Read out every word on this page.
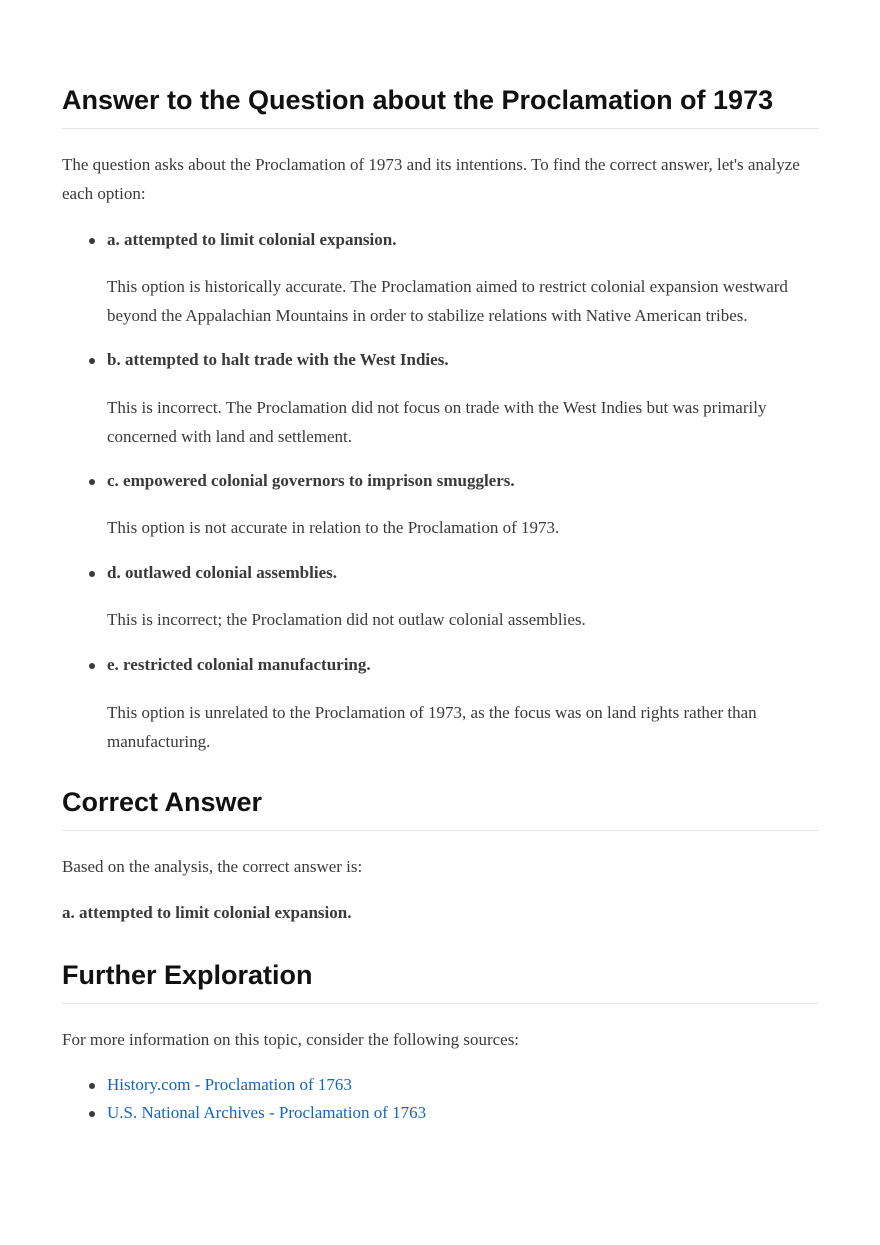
Answer to the Question about the Proclamation of 1973

The question asks about the Proclamation of 1973 and its intentions. To find the correct answer, let's analyze each option:

a. attempted to limit colonial expansion.
This option is historically accurate. The Proclamation aimed to restrict colonial expansion westward beyond the Appalachian Mountains in order to stabilize relations with Native American tribes.
b. attempted to halt trade with the West Indies.
This is incorrect. The Proclamation did not focus on trade with the West Indies but was primarily concerned with land and settlement.
c. empowered colonial governors to imprison smugglers.
This option is not accurate in relation to the Proclamation of 1973.
d. outlawed colonial assemblies.
This is incorrect; the Proclamation did not outlaw colonial assemblies.
e. restricted colonial manufacturing.
This option is unrelated to the Proclamation of 1973, as the focus was on land rights rather than manufacturing.
Correct Answer

Based on the analysis, the correct answer is:

a. attempted to limit colonial expansion.

Further Exploration

For more information on this topic, consider the following sources:

History.com - Proclamation of 1763
U.S. National Archives - Proclamation of 1763
